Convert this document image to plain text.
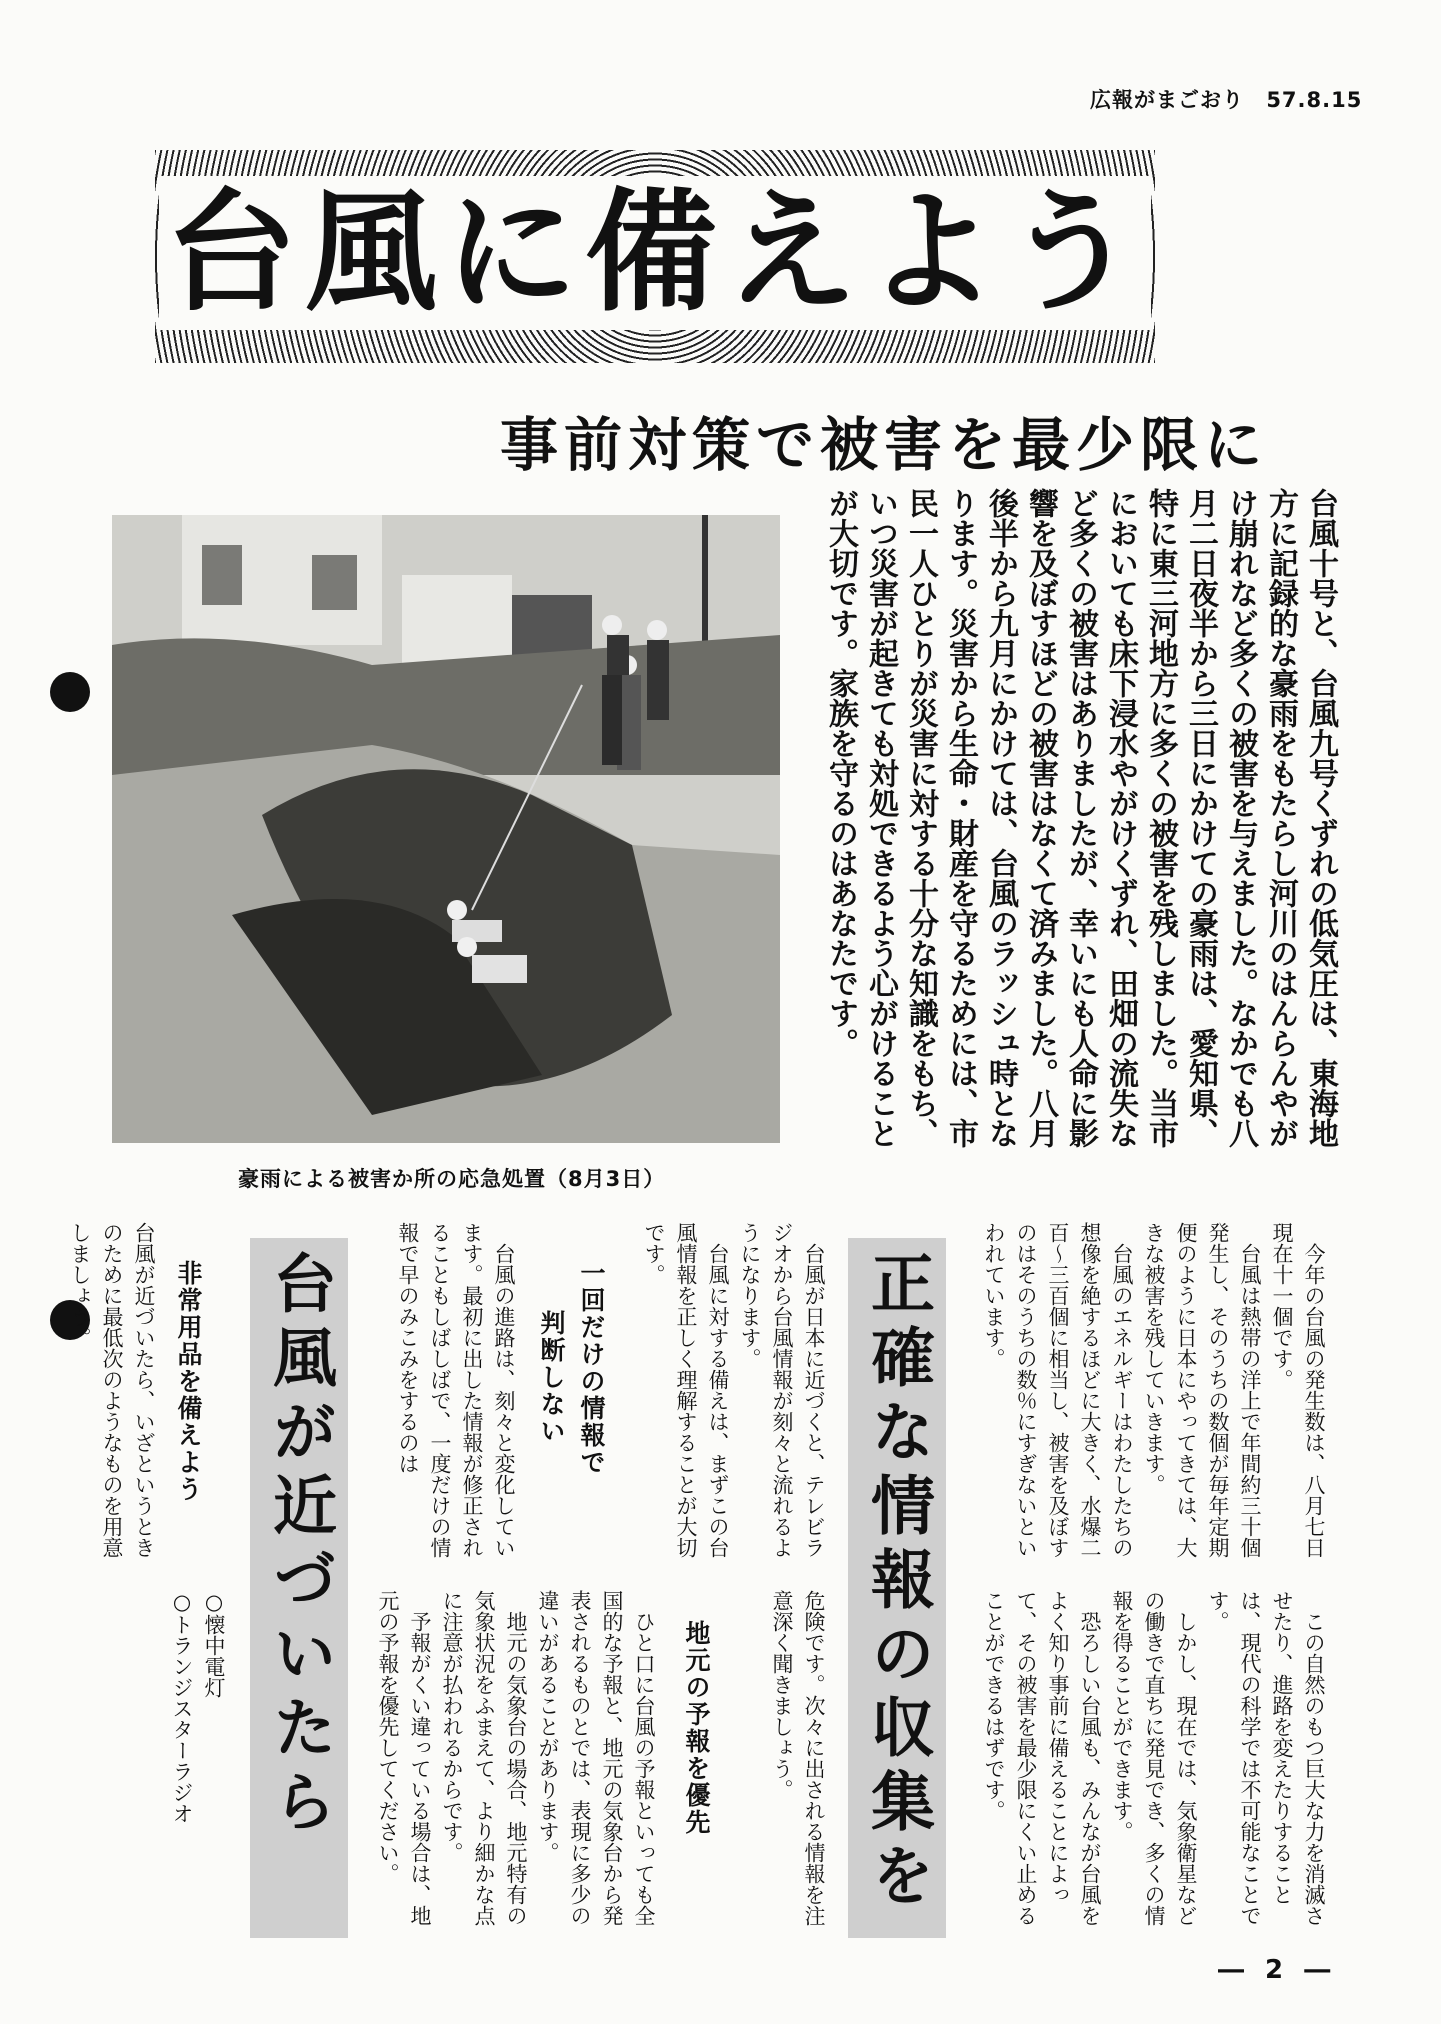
広報がまごおり 57.8.15
台風に備えよう
事前対策で被害を最少限に
豪雨による被害か所の応急処置（8月3日）

台風十号と、台風九号くずれの低気圧は、東海地方に記録的な豪雨をもたらし河川のはんらんやがけ崩れなど多くの被害を与えました。なかでも八月二日夜半から三日にかけての豪雨は、愛知県、特に東三河地方に多くの被害を残しました。当市においても床下浸水やがけくずれ、田畑の流失など多くの被害はありましたが、幸いにも人命に影響を及ぼすほどの被害はなくて済みました。八月後半から九月にかけては、台風のラッシュ時となります。災害から生命・財産を守るためには、市民一人ひとりが災害に対する十分な知識をもち、いつ災害が起きても対処できるよう心がけることが大切です。家族を守るのはあなたです。

今年の台風の発生数は、八月七日現在十一個です。

台風は熱帯の洋上で年間約三十個発生し、そのうちの数個が毎年定期便のように日本にやってきては、大きな被害を残していきます。

台風のエネルギーはわたしたちの想像を絶するほどに大きく、水爆二百～三百個に相当し、被害を及ぼすのはそのうちの数％にすぎないといわれています。

この自然のもつ巨大な力を消滅させたり、進路を変えたりすることは、現代の科学では不可能なことです。

しかし、現在では、気象衛星などの働きで直ちに発見でき、多くの情報を得ることができます。

恐ろしい台風も、みんなが台風をよく知り事前に備えることによって、その被害を最少限にくい止めることができるはずです。

正確な情報の収集を

台風が日本に近づくと、テレビラジオから台風情報が刻々と流れるようになります。

台風に対する備えは、まずこの台風情報を正しく理解することが大切です。

危険です。次々に出される情報を注意深く聞きましょう。

地元の予報を優先

ひと口に台風の予報といっても全国的な予報と、地元の気象台から発表されるものとでは、表現に多少の違いがあることがあります。

地元の気象台の場合、地元特有の気象状況をふまえて、より細かな点に注意が払われるからです。

予報がくい違っている場合は、地元の予報を優先してください。

一回だけの情報で
判断しない

台風の進路は、刻々と変化しています。最初に出した情報が修正されることもしばしばで、一度だけの情報で早のみこみをするのは

台風が近づいたら
非常用品を備えよう

台風が近づいたら、いざというときのために最低次のようなものを用意しましょう。

○懐中電灯

○トランジスターラジオ

― 2 ―
